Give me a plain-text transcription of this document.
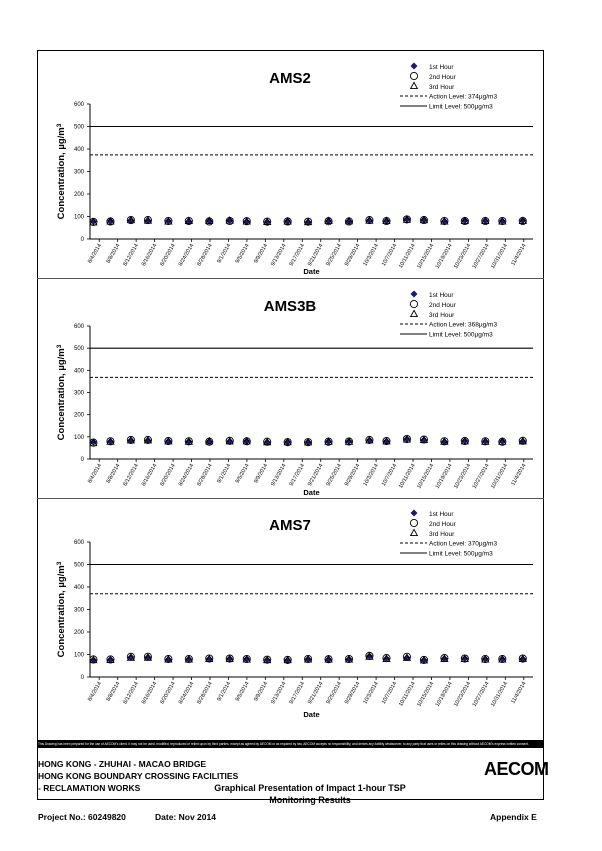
AMS2
0
100
200
300
400
500
600
Concentration, $\mu g/m^3$
8/4/2014 8/8/2014 8/12/2014 8/16/2014 8/20/2014 8/24/2014 8/28/2014 9/1/2014 9/5/2014 9/9/2014 9/13/2014 9/17/2014 9/21/2014 9/25/2014 9/29/2014 10/3/2014 10/7/2014 10/11/2014 10/15/2014 10/19/2014 10/23/2014 10/27/2014 10/31/2014 11/4/2014
Date
1st Hour
2nd Hour
3rd Hour
Action Level: 374µg/m3
Limit Level: 500µg/m3
AMS3B
0
100
200
300
400
500
600
Concentration, $\mu g/m^3$
8/4/2014 8/8/2014 8/12/2014 8/16/2014 8/20/2014 8/24/2014 8/28/2014 9/1/2014 9/5/2014 9/9/2014 9/13/2014 9/17/2014 9/21/2014 9/25/2014 9/29/2014 10/3/2014 10/7/2014 10/11/2014 10/15/2014 10/19/2014 10/23/2014 10/27/2014 10/31/2014 11/4/2014
Date
1st Hour
2nd Hour
3rd Hour
Action Level: 368µg/m3
Limit Level: 500µg/m3
AMS7
0
100
200
300
400
500
600
Concentration, $\mu g/m^3$
8/4/2014 8/8/2014 8/12/2014 8/16/2014 8/20/2014 8/24/2014 8/28/2014 9/1/2014 9/5/2014 9/9/2014 9/13/2014 9/17/2014 9/21/2014 9/25/2014 9/29/2014 10/3/2014 10/7/2014 10/11/2014 10/15/2014 10/19/2014 10/23/2014 10/27/2014 10/31/2014 11/4/2014
Date
1st Hour
2nd Hour
3rd Hour
Action Level: 370µg/m3
Limit Level: 500µg/m3
This Drawing has been prepared for the use of AECOM's client. It may not be used, modified, reproduced or relied upon by third parties, except as agreed by AECOM or as required by law. AECOM accepts no responsibility, and denies any liability whatsoever, to any party that uses or relies on this drawing without AECOM's express written consent.
HONG KONG - ZHUHAI - MACAO BRIDGE
HONG KONG BOUNDARY CROSSING FACILITIES
- RECLAMATION WORKS	Graphical Presentation of Impact 1-hour TSP
Monitoring Results
AECOM
Project No.: 60249820	Date: Nov 2014	Appendix E
